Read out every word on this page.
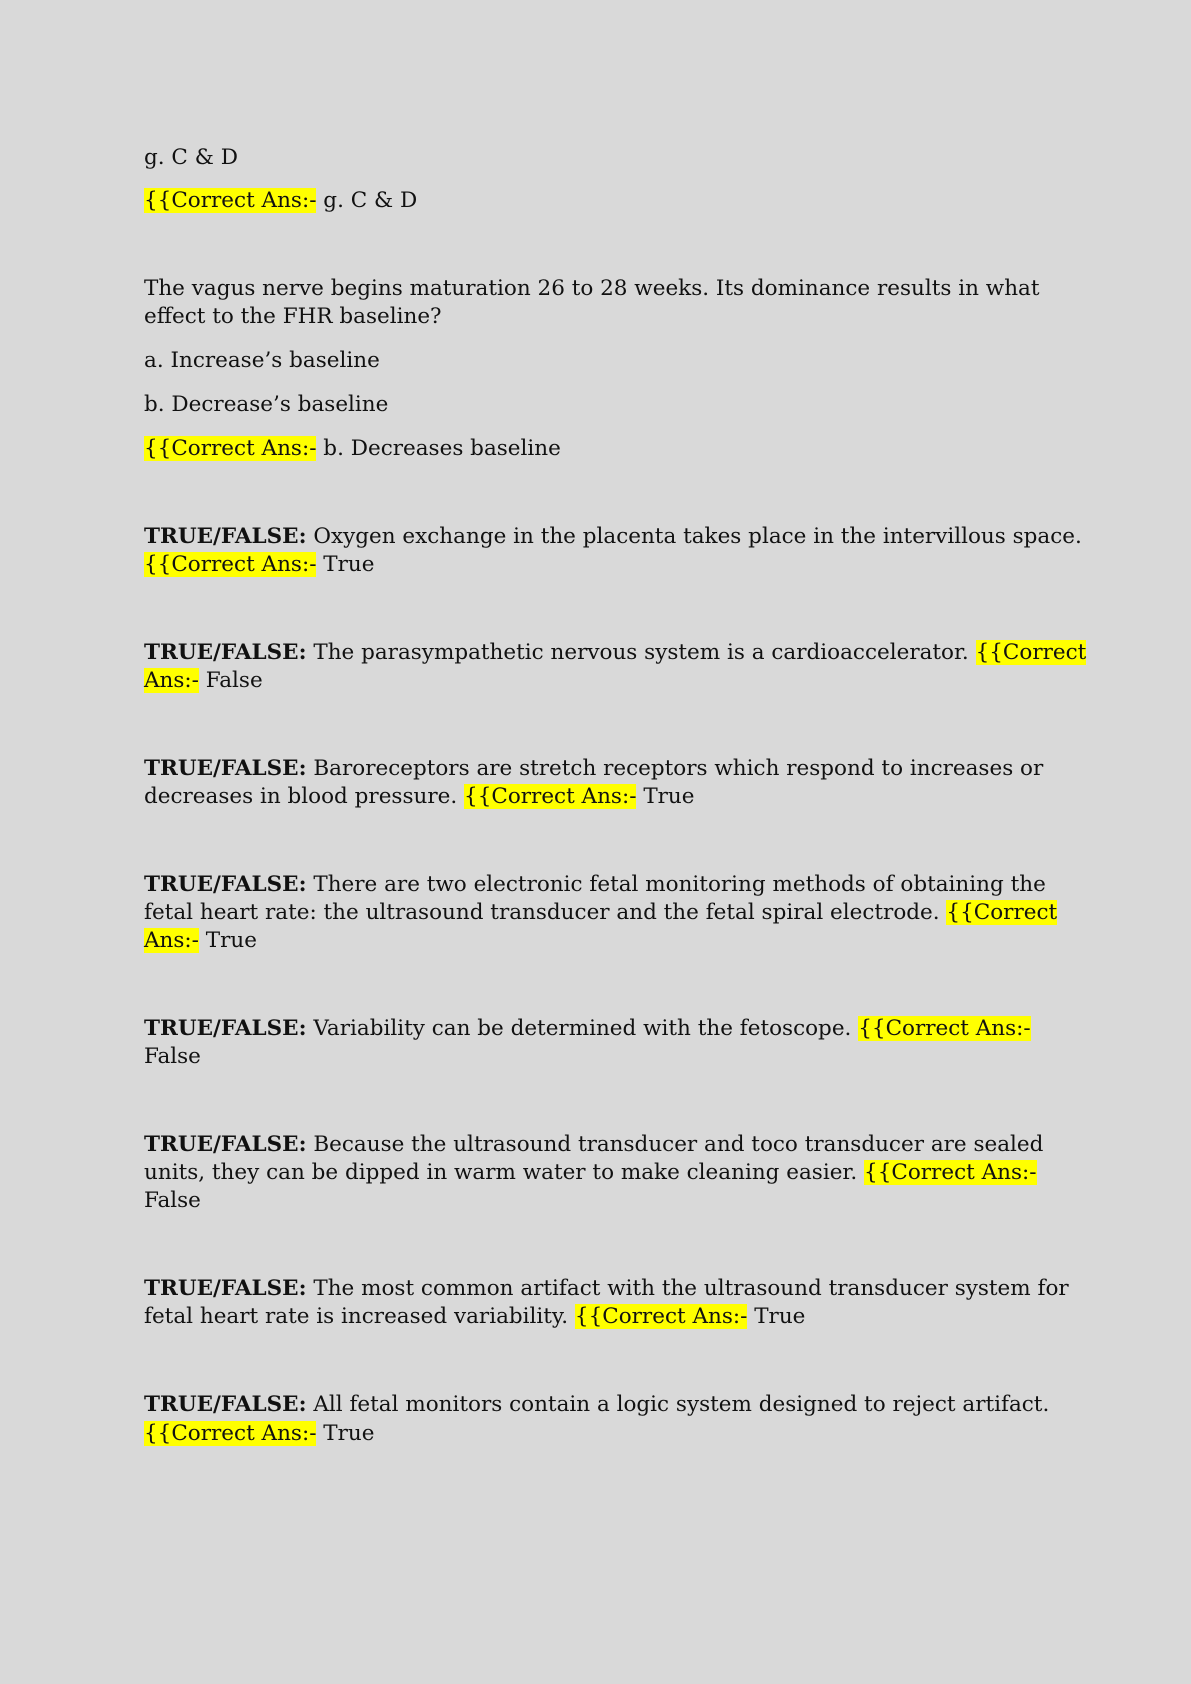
g. C & D
{{Correct Ans:- g. C & D
The vagus nerve begins maturation 26 to 28 weeks. Its dominance results in what
effect to the FHR baseline?
a. Increase’s baseline
b. Decrease’s baseline
{{Correct Ans:- b. Decreases baseline
TRUE/FALSE: Oxygen exchange in the placenta takes place in the intervillous space.
{{Correct Ans:- True
TRUE/FALSE: The parasympathetic nervous system is a cardioaccelerator. {{Correct
Ans:- False
TRUE/FALSE: Baroreceptors are stretch receptors which respond to increases or
decreases in blood pressure. {{Correct Ans:- True
TRUE/FALSE: There are two electronic fetal monitoring methods of obtaining the
fetal heart rate: the ultrasound transducer and the fetal spiral electrode. {{Correct
Ans:- True
TRUE/FALSE: Variability can be determined with the fetoscope. {{Correct Ans:-
False
TRUE/FALSE: Because the ultrasound transducer and toco transducer are sealed
units, they can be dipped in warm water to make cleaning easier. {{Correct Ans:-
False
TRUE/FALSE: The most common artifact with the ultrasound transducer system for
fetal heart rate is increased variability. {{Correct Ans:- True
TRUE/FALSE: All fetal monitors contain a logic system designed to reject artifact.
{{Correct Ans:- True
